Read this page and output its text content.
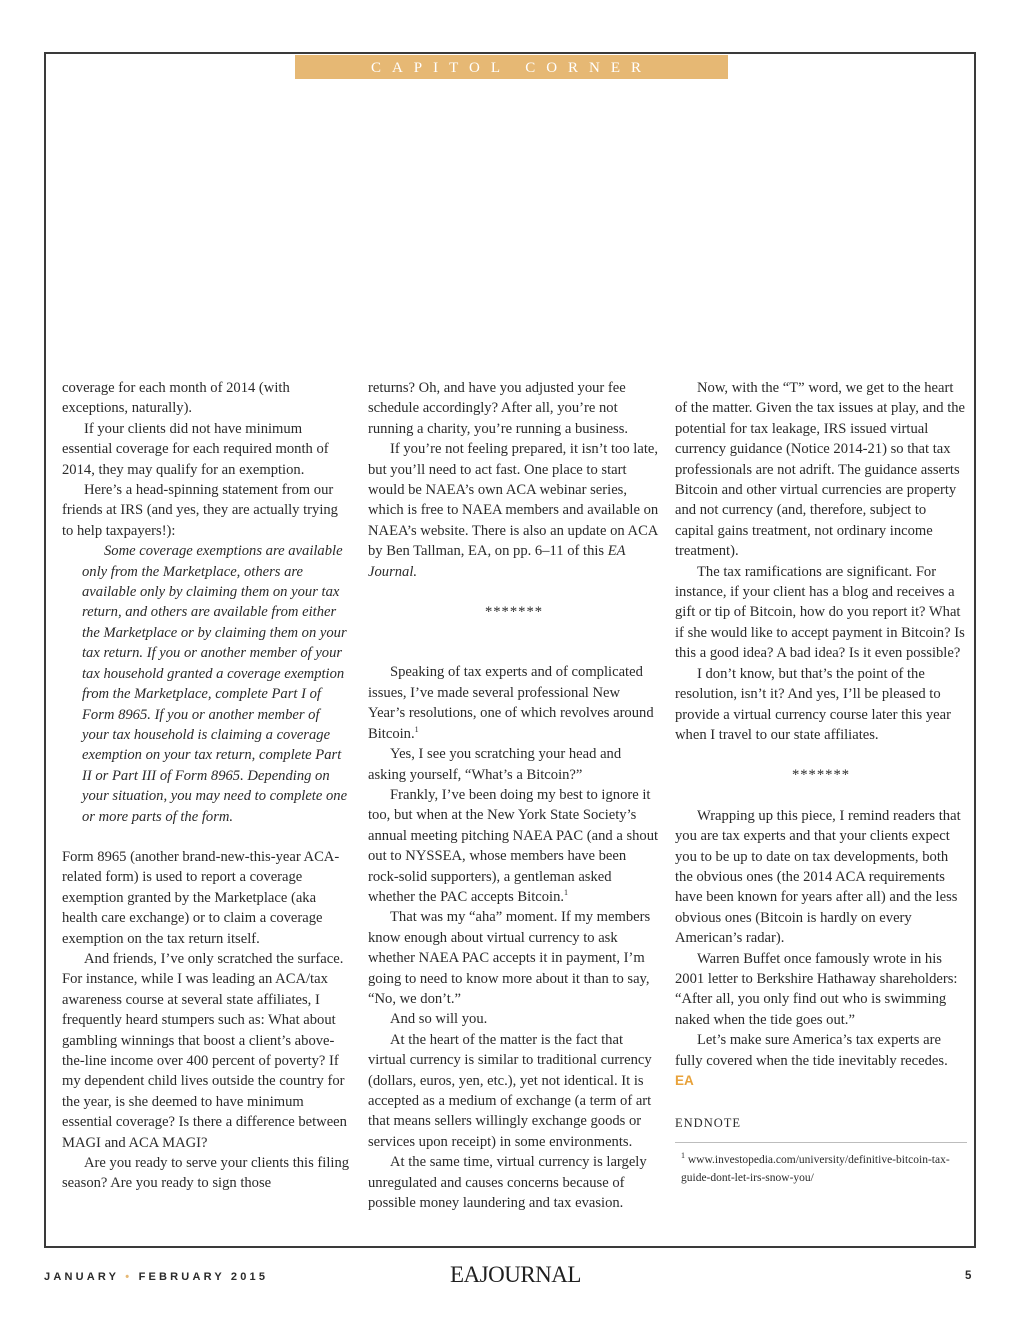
CAPITOL CORNER

coverage for each month of 2014 (with exceptions, naturally).

If your clients did not have minimum essential coverage for each required month of 2014, they may qualify for an exemption.

Here’s a head-spinning statement from our friends at IRS (and yes, they are actually trying to help taxpayers!):

Some coverage exemptions are available only from the Marketplace, others are available only by claiming them on your tax return, and others are available from either the Marketplace or by claiming them on your tax return. If you or another member of your tax household granted a coverage exemption from the Marketplace, complete Part I of Form 8965. If you or another member of your tax household is claiming a coverage exemption on your tax return, complete Part II or Part III of Form 8965. Depending on your situation, you may need to complete one or more parts of the form.

Form 8965 (another brand-new-this-year ACA-related form) is used to report a coverage exemption granted by the Marketplace (aka health care exchange) or to claim a coverage exemption on the tax return itself.

And friends, I’ve only scratched the surface. For instance, while I was leading an ACA/tax awareness course at several state affiliates, I frequently heard stumpers such as: What about gambling winnings that boost a client’s above-the-line income over 400 percent of poverty? If my dependent child lives outside the country for the year, is she deemed to have minimum essential coverage? Is there a difference between MAGI and ACA MAGI?

Are you ready to serve your clients this filing season? Are you ready to sign those

returns? Oh, and have you adjusted your fee schedule accordingly? After all, you’re not running a charity, you’re running a business.

If you’re not feeling prepared, it isn’t too late, but you’ll need to act fast. One place to start would be NAEA’s own ACA webinar series, which is free to NAEA members and available on NAEA’s website. There is also an update on ACA by Ben Tallman, EA, on pp. 6–11 of this EA Journal.

*******

Speaking of tax experts and of complicated issues, I’ve made several professional New Year’s resolutions, one of which revolves around Bitcoin.$^1$

Yes, I see you scratching your head and asking yourself, “What’s a Bitcoin?”

Frankly, I’ve been doing my best to ignore it too, but when at the New York State Society’s annual meeting pitching NAEA PAC (and a shout out to NYSSEA, whose members have been rock-solid supporters), a gentleman asked whether the PAC accepts Bitcoin.$^1$

That was my “aha” moment. If my members know enough about virtual currency to ask whether NAEA PAC accepts it in payment, I’m going to need to know more about it than to say, “No, we don’t.”

And so will you.

At the heart of the matter is the fact that virtual currency is similar to traditional currency (dollars, euros, yen, etc.), yet not identical. It is accepted as a medium of exchange (a term of art that means sellers willingly exchange goods or services upon receipt) in some environments.

At the same time, virtual currency is largely unregulated and causes concerns because of possible money laundering and tax evasion.

Now, with the “T” word, we get to the heart of the matter. Given the tax issues at play, and the potential for tax leakage, IRS issued virtual currency guidance (Notice 2014-21) so that tax professionals are not adrift. The guidance asserts Bitcoin and other virtual currencies are property and not currency (and, therefore, subject to capital gains treatment, not ordinary income treatment).

The tax ramifications are significant. For instance, if your client has a blog and receives a gift or tip of Bitcoin, how do you report it? What if she would like to accept payment in Bitcoin? Is this a good idea? A bad idea? Is it even possible?

I don’t know, but that’s the point of the resolution, isn’t it? And yes, I’ll be pleased to provide a virtual currency course later this year when I travel to our state affiliates.

*******

Wrapping up this piece, I remind readers that you are tax experts and that your clients expect you to be up to date on tax developments, both the obvious ones (the 2014 ACA requirements have been known for years after all) and the less obvious ones (Bitcoin is hardly on every American’s radar).

Warren Buffet once famously wrote in his 2001 letter to Berkshire Hathaway shareholders: “After all, you only find out who is swimming naked when the tide goes out.”

Let’s make sure America’s tax experts are fully covered when the tide inevitably recedes. EA

ENDNOTE

$^1$ www.investopedia.com/university/definitive-bitcoin-tax-guide-dont-let-irs-snow-you/

JANUARY • FEBRUARY 2015	EAJOURNAL	5
